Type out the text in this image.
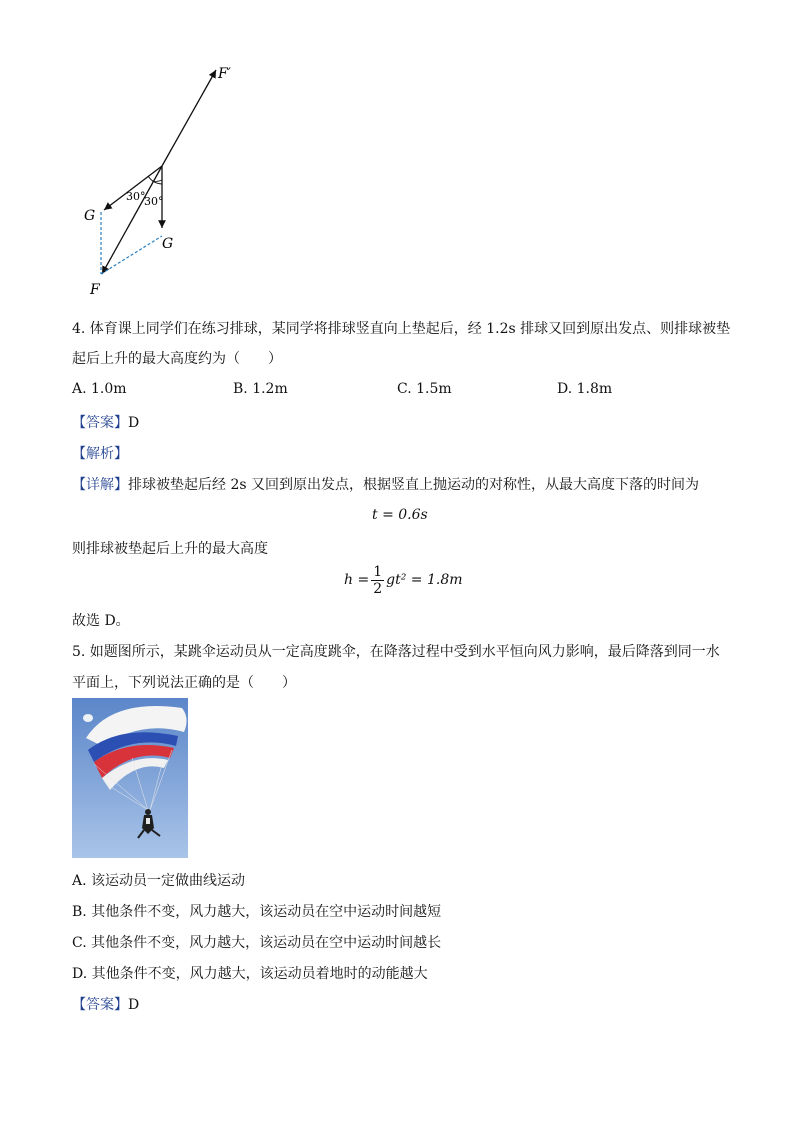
F′
G
G
F
30°
30°
4. 体育课上同学们在练习排球，某同学将排球竖直向上垫起后，经 1.2s 排球又回到原出发点、则排球被垫
起后上升的最大高度约为（　　）
A. 1.0m	B. 1.2m	C. 1.5m	D. 1.8m
【答案】D
【解析】
【详解】排球被垫起后经 2s 又回到原出发点，根据竖直上抛运动的对称性，从最大高度下落的时间为
t = 0.6s
则排球被垫起后上升的最大高度
$h = \frac{1}{2} gt^2 = 1.8m$
故选 D。
5. 如题图所示，某跳伞运动员从一定高度跳伞，在降落过程中受到水平恒向风力影响，最后降落到同一水
平面上，下列说法正确的是（　　）
A. 该运动员一定做曲线运动
B. 其他条件不变，风力越大，该运动员在空中运动时间越短
C. 其他条件不变，风力越大，该运动员在空中运动时间越长
D. 其他条件不变，风力越大，该运动员着地时的动能越大
【答案】D
